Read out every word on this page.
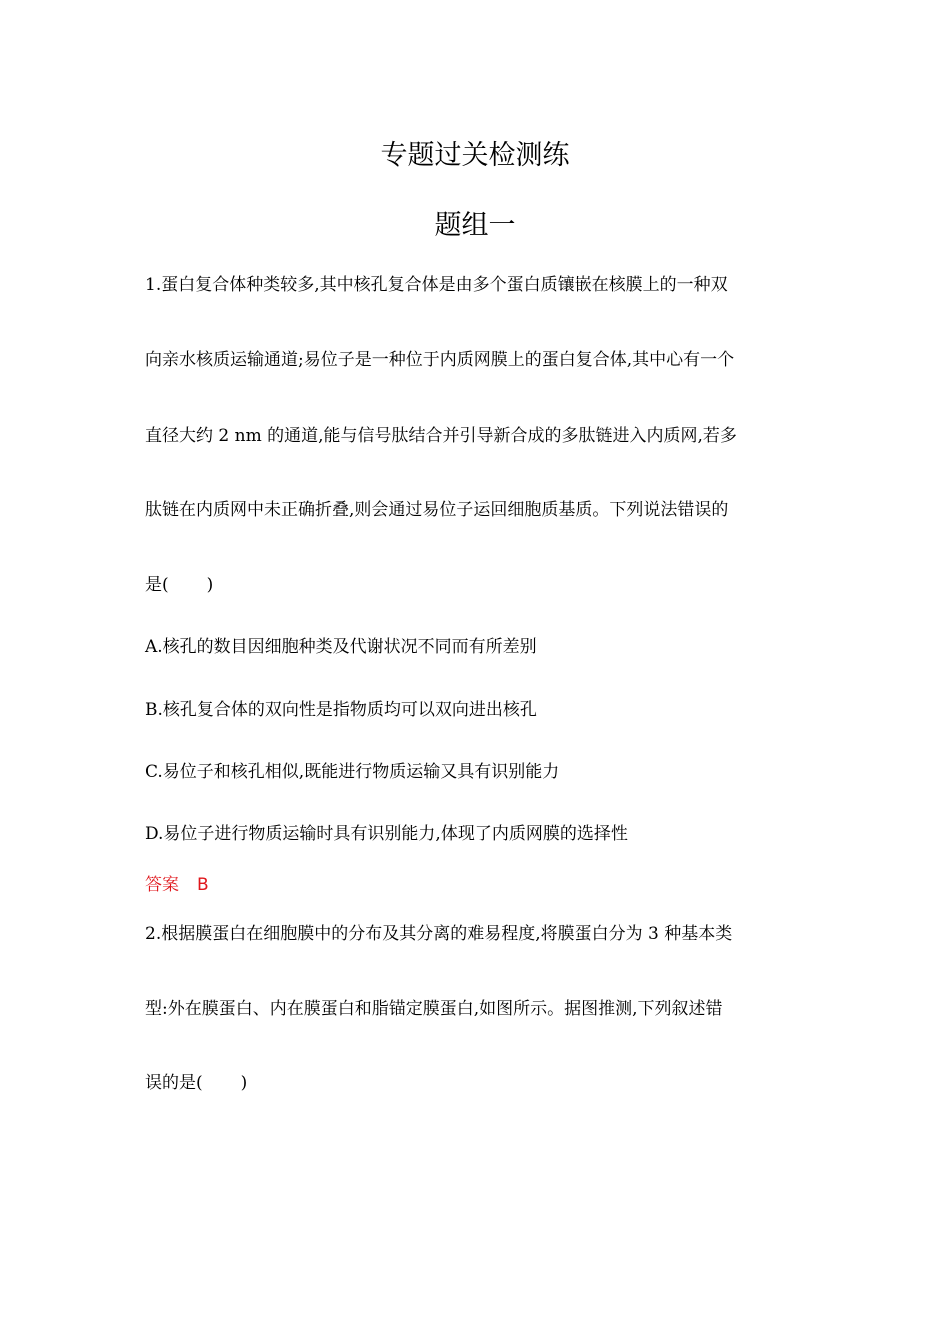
专题过关检测练
题组一

1.蛋白复合体种类较多,其中核孔复合体是由多个蛋白质镶嵌在核膜上的一种双

向亲水核质运输通道;易位子是一种位于内质网膜上的蛋白复合体,其中心有一个

直径大约 2 nm 的通道,能与信号肽结合并引导新合成的多肽链进入内质网,若多

肽链在内质网中未正确折叠,则会通过易位子运回细胞质基质。下列说法错误的

是( )

A.核孔的数目因细胞种类及代谢状况不同而有所差别

B.核孔复合体的双向性是指物质均可以双向进出核孔

C.易位子和核孔相似,既能进行物质运输又具有识别能力

D.易位子进行物质运输时具有识别能力,体现了内质网膜的选择性

答案 B

2.根据膜蛋白在细胞膜中的分布及其分离的难易程度,将膜蛋白分为 3 种基本类

型:外在膜蛋白、内在膜蛋白和脂锚定膜蛋白,如图所示。据图推测,下列叙述错

误的是( )
